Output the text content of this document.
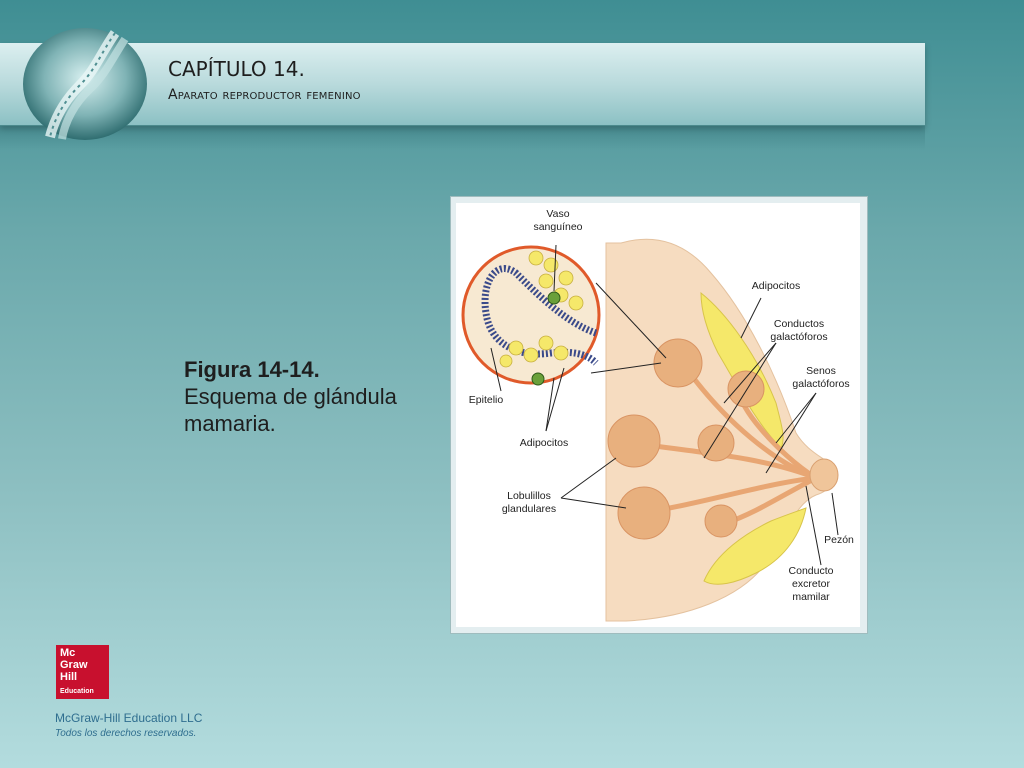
CAPÍTULO 14.
Aparato reproductor femenino
Figura 14-14.
Esquema de glándula mamaria.
Vaso
sanguíneo
Adipocitos
Conductos
galactóforos
Senos
galactóforos
Epitelio
Adipocitos
Lobulillos
glandulares
Pezón
Conducto
excretor
mamilar
Mc
Graw
Hill
Education
McGraw-Hill Education LLC
Todos los derechos reservados.
